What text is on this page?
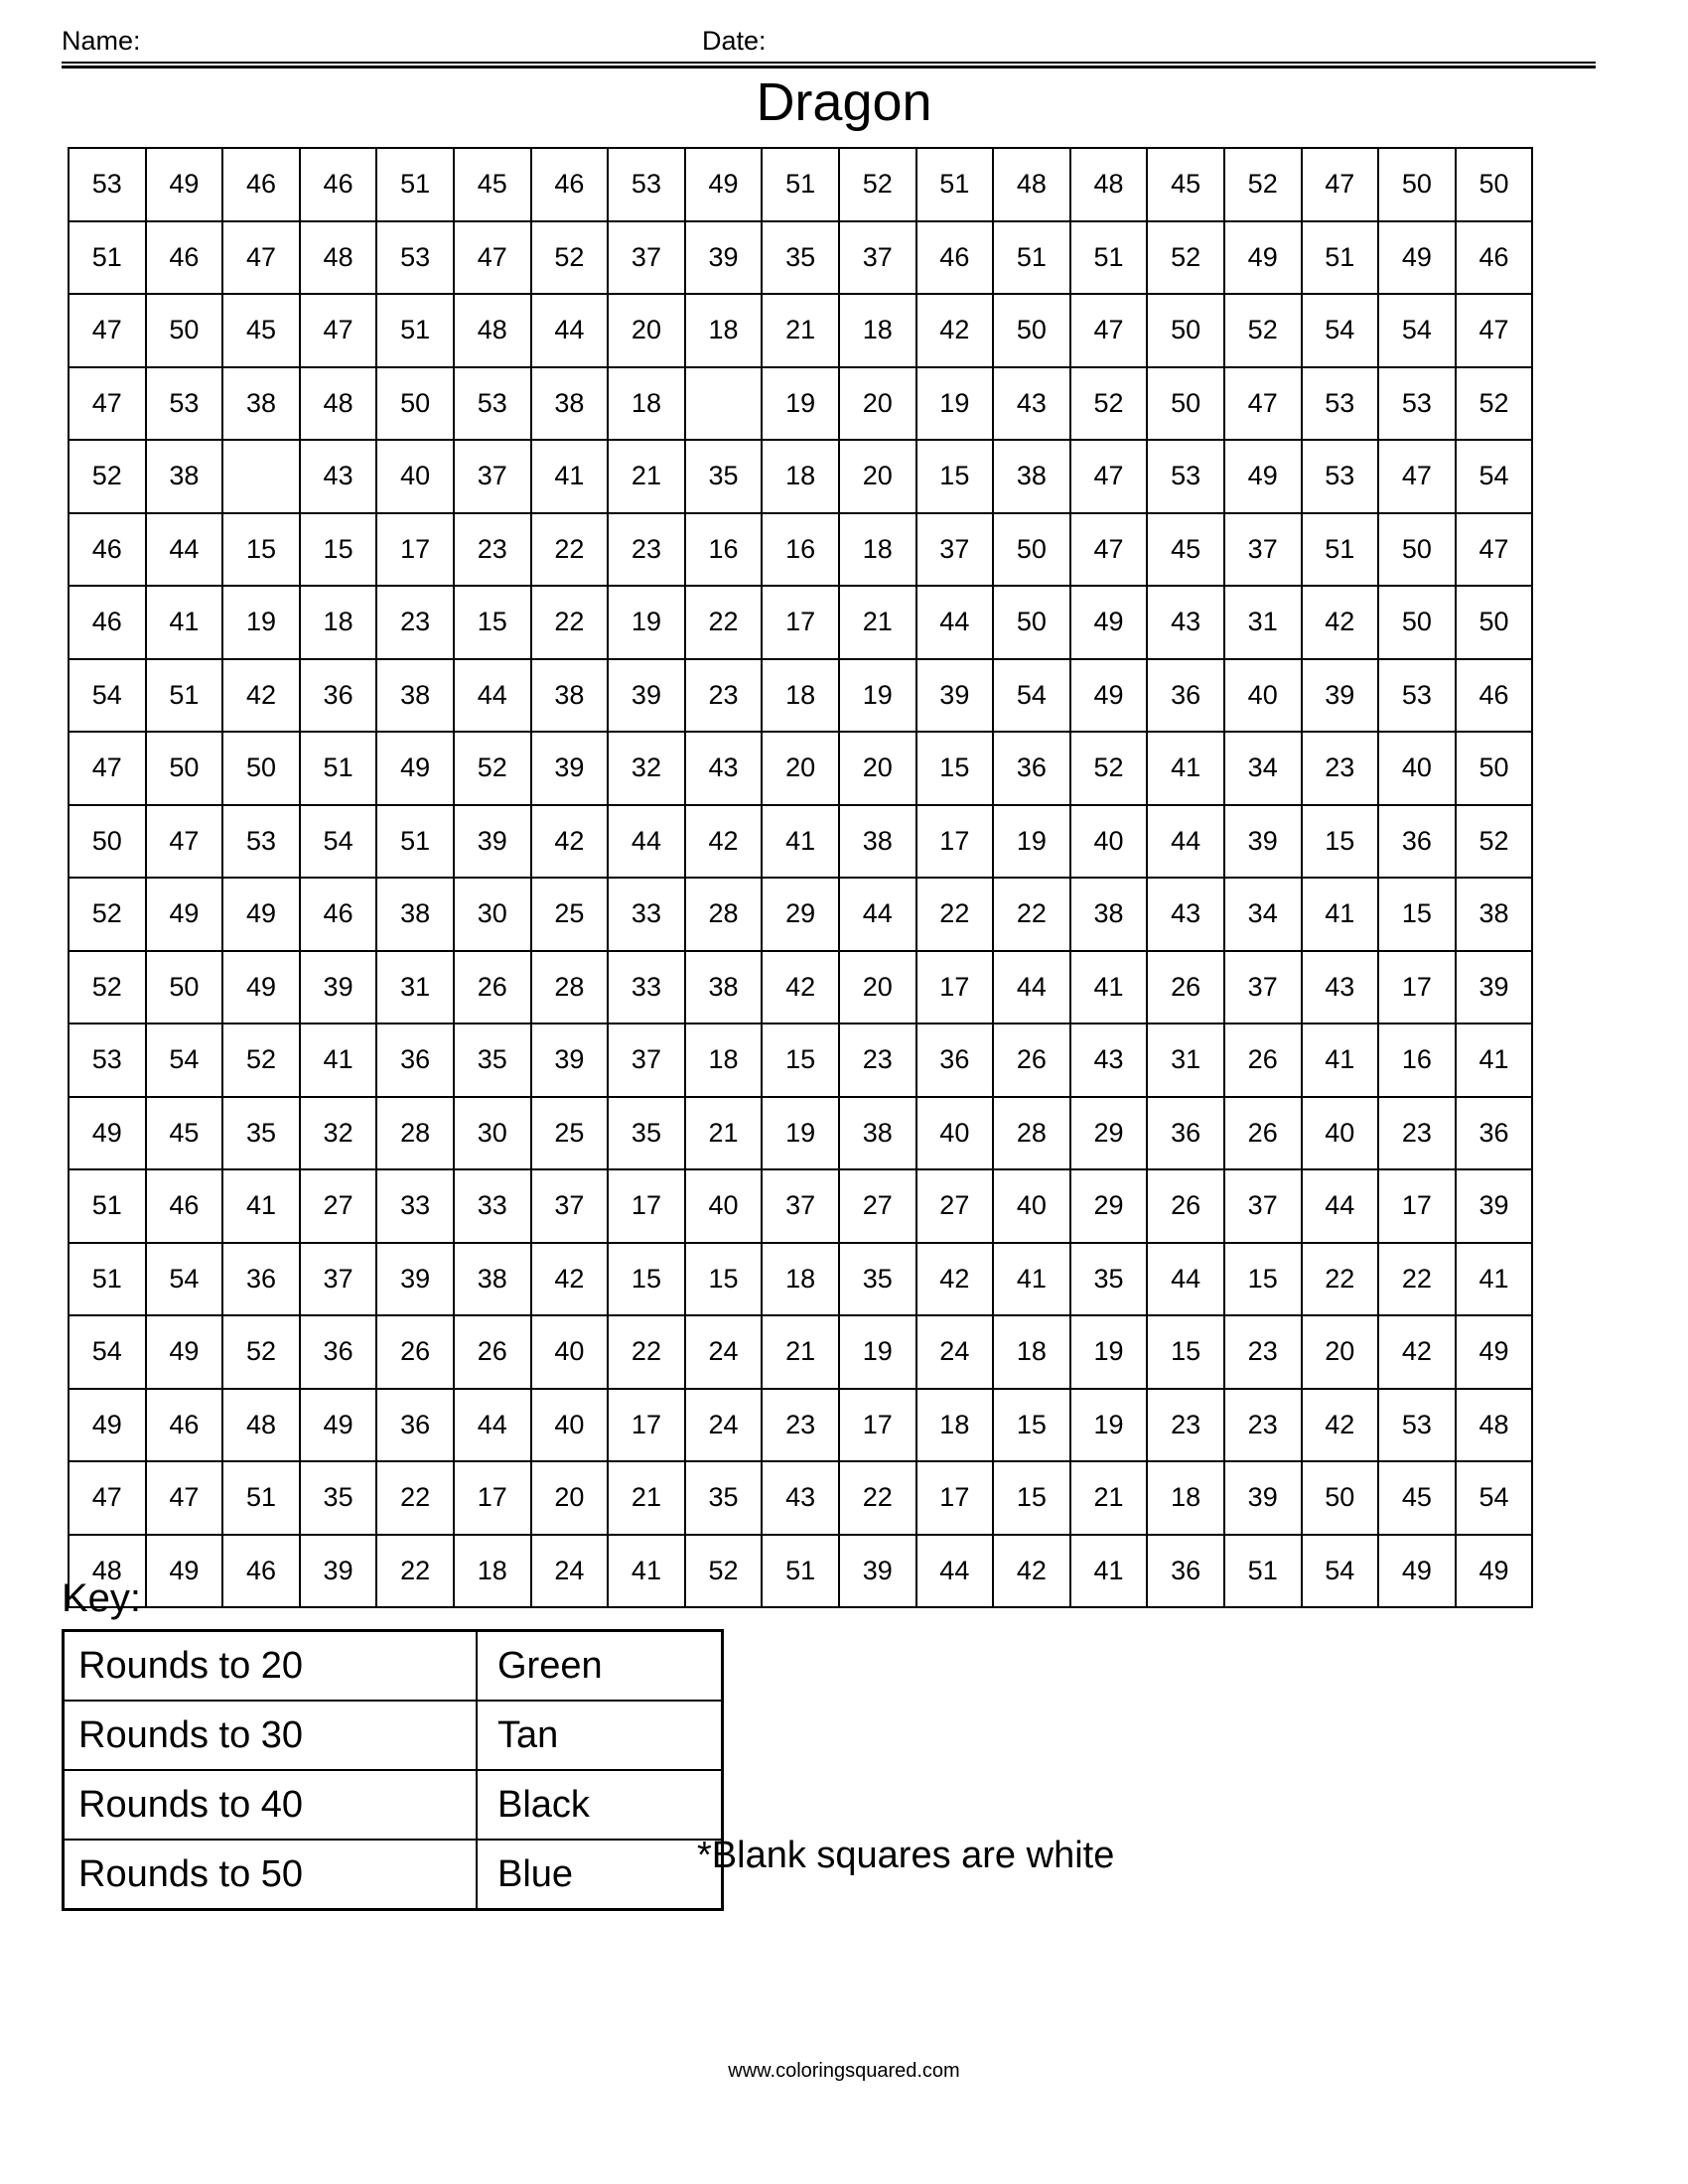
Name:	Date:
Dragon
53	49	46	46	51	45	46	53	49	51	52	51	48	48	45	52	47	50	50
51	46	47	48	53	47	52	37	39	35	37	46	51	51	52	49	51	49	46
47	50	45	47	51	48	44	20	18	21	18	42	50	47	50	52	54	54	47
47	53	38	48	50	53	38	18		19	20	19	43	52	50	47	53	53	52
52	38		43	40	37	41	21	35	18	20	15	38	47	53	49	53	47	54
46	44	15	15	17	23	22	23	16	16	18	37	50	47	45	37	51	50	47
46	41	19	18	23	15	22	19	22	17	21	44	50	49	43	31	42	50	50
54	51	42	36	38	44	38	39	23	18	19	39	54	49	36	40	39	53	46
47	50	50	51	49	52	39	32	43	20	20	15	36	52	41	34	23	40	50
50	47	53	54	51	39	42	44	42	41	38	17	19	40	44	39	15	36	52
52	49	49	46	38	30	25	33	28	29	44	22	22	38	43	34	41	15	38
52	50	49	39	31	26	28	33	38	42	20	17	44	41	26	37	43	17	39
53	54	52	41	36	35	39	37	18	15	23	36	26	43	31	26	41	16	41
49	45	35	32	28	30	25	35	21	19	38	40	28	29	36	26	40	23	36
51	46	41	27	33	33	37	17	40	37	27	27	40	29	26	37	44	17	39
51	54	36	37	39	38	42	15	15	18	35	42	41	35	44	15	22	22	41
54	49	52	36	26	26	40	22	24	21	19	24	18	19	15	23	20	42	49
49	46	48	49	36	44	40	17	24	23	17	18	15	19	23	23	42	53	48
47	47	51	35	22	17	20	21	35	43	22	17	15	21	18	39	50	45	54
48	49	46	39	22	18	24	41	52	51	39	44	42	41	36	51	54	49	49
Key:
Rounds to 20	Green
Rounds to 30	Tan
Rounds to 40	Black
Rounds to 50	Blue	*Blank squares are white
www.coloringsquared.com
